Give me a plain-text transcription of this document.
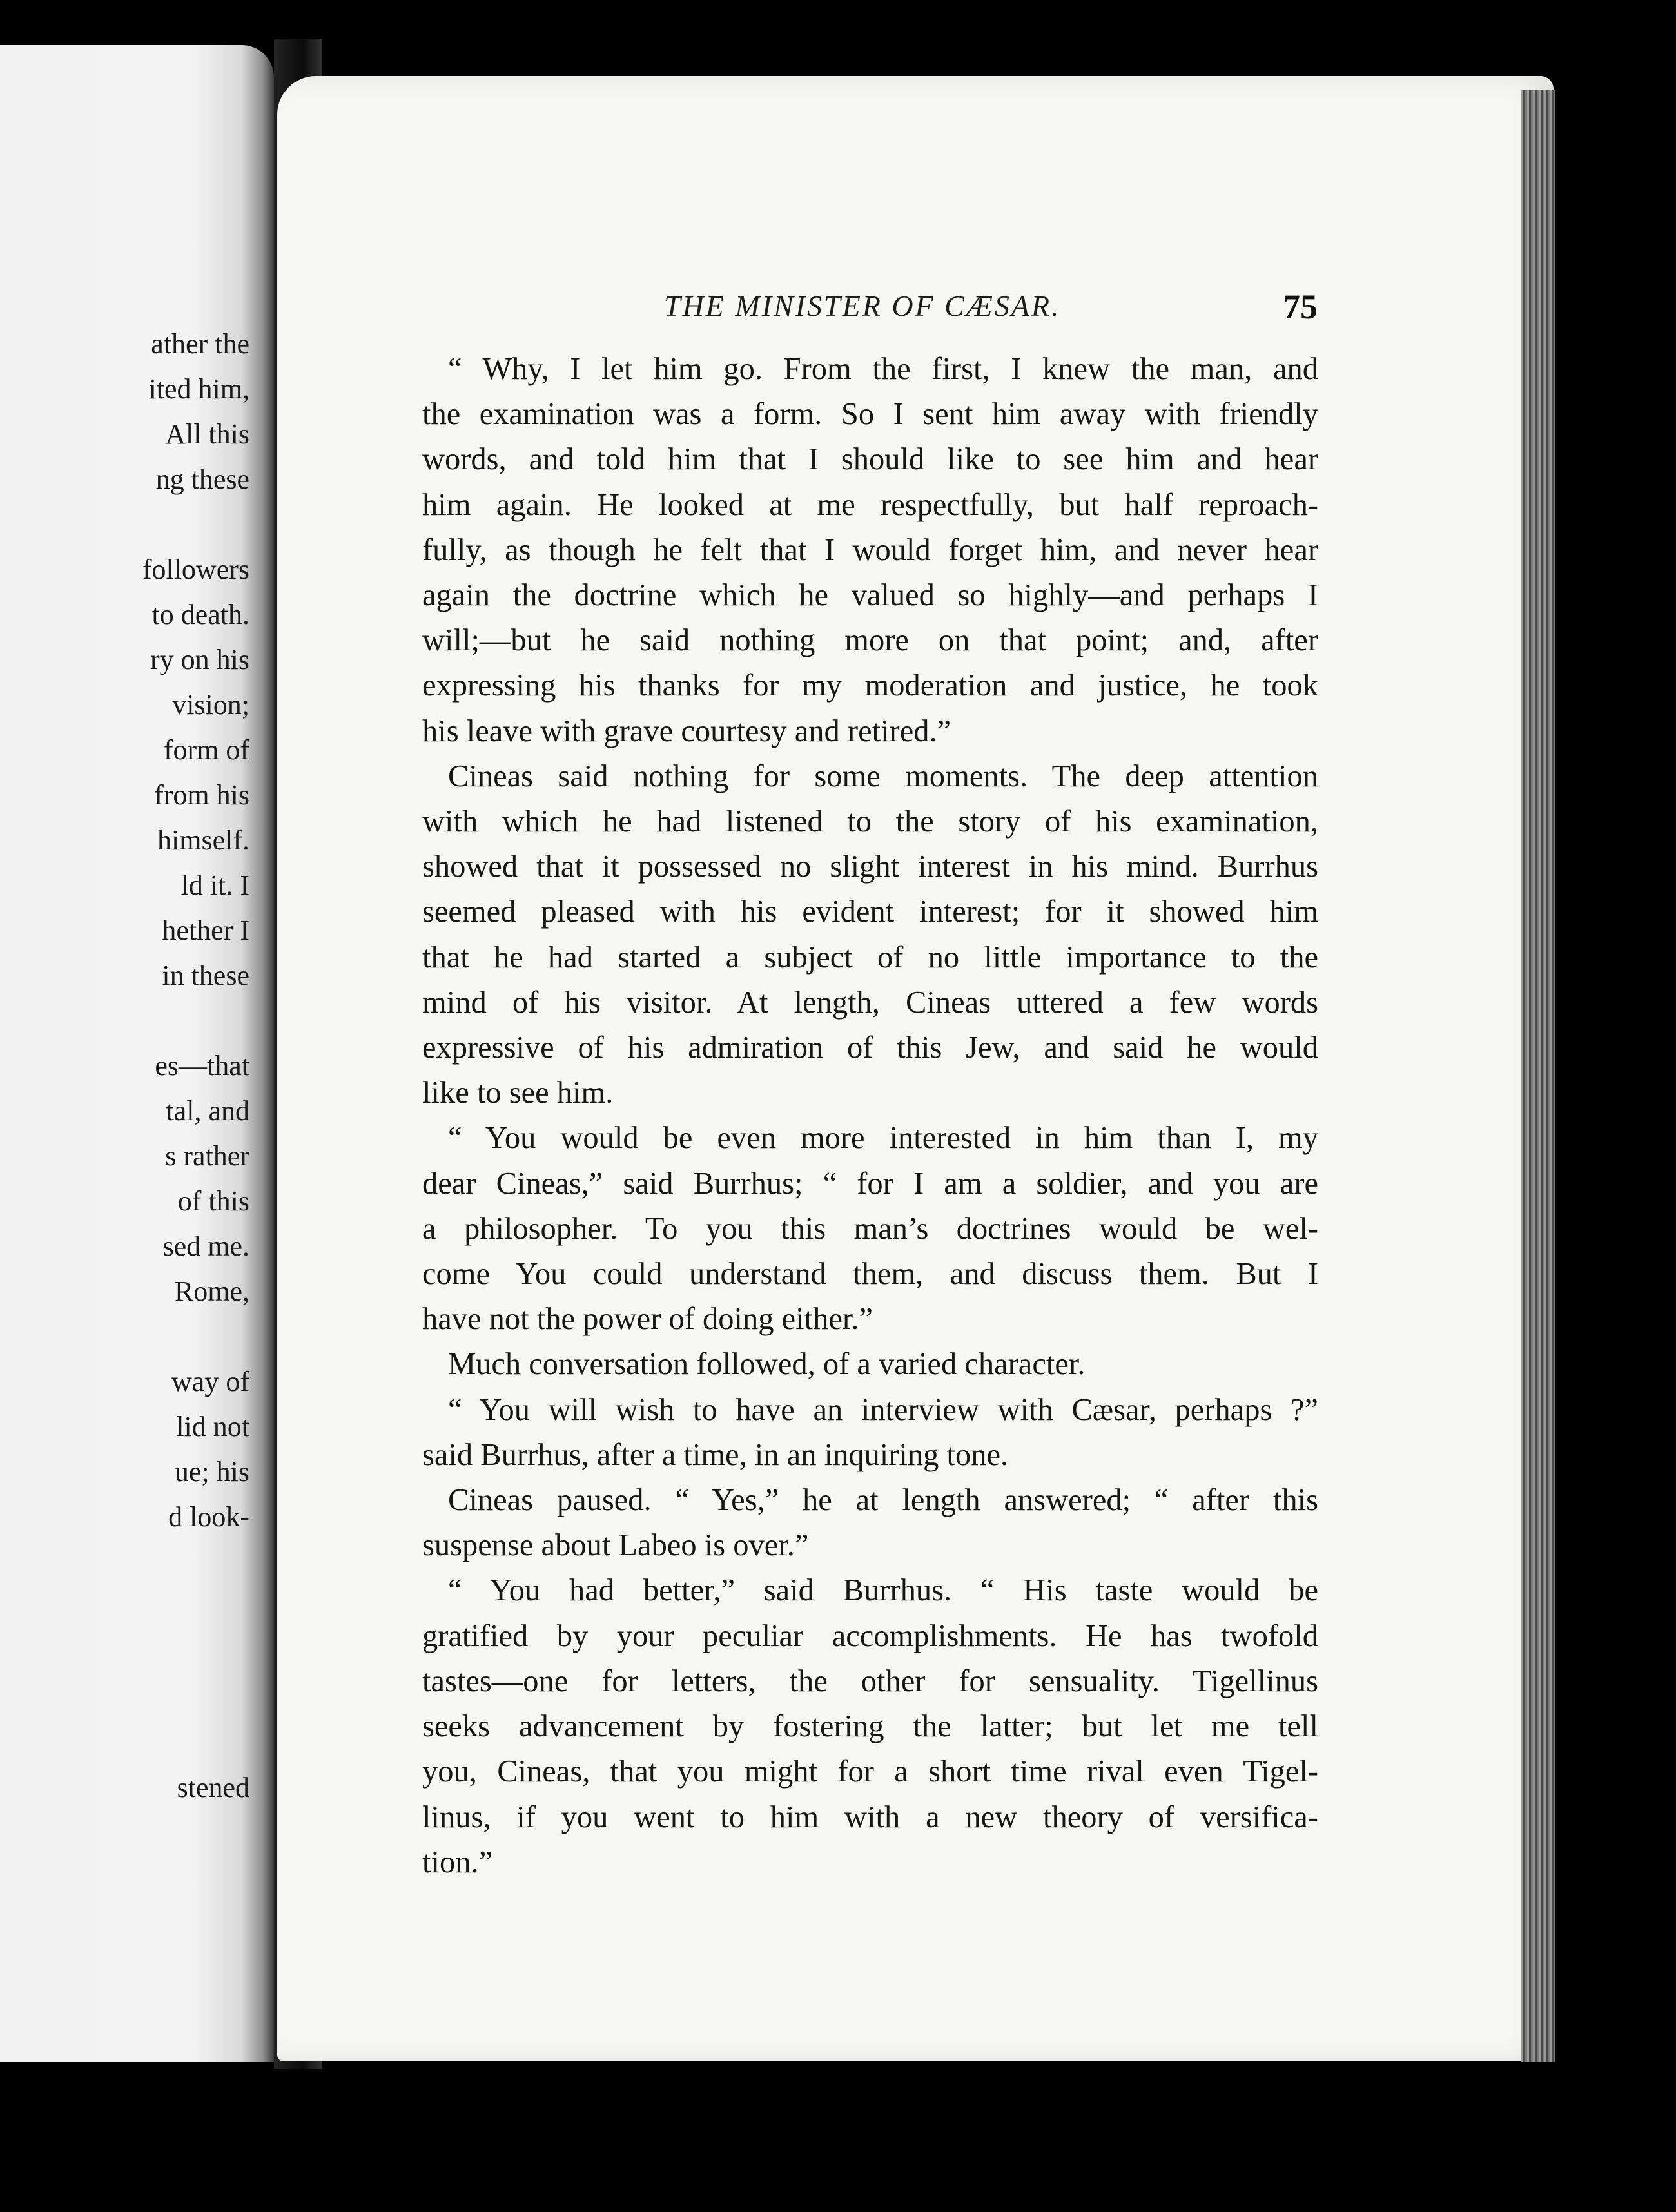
ather the
ited him,
All this
ng these
followers
to death.
ry on his
vision;
form of
from his
himself.
ld it. I
hether I
in these
es—that
tal, and
s rather
of this
sed me.
Rome,
way of
lid not
ue; his
d look-
stened
THE MINISTER OF CÆSAR.	75
“ Why, I let him go. From the first, I knew the man, and
the examination was a form. So I sent him away with friendly
words, and told him that I should like to see him and hear
him again. He looked at me respectfully, but half reproach-
fully, as though he felt that I would forget him, and never hear
again the doctrine which he valued so highly—and perhaps I
will;—but he said nothing more on that point; and, after
expressing his thanks for my moderation and justice, he took
his leave with grave courtesy and retired.”
Cineas said nothing for some moments. The deep attention
with which he had listened to the story of his examination,
showed that it possessed no slight interest in his mind. Burrhus
seemed pleased with his evident interest; for it showed him
that he had started a subject of no little importance to the
mind of his visitor. At length, Cineas uttered a few words
expressive of his admiration of this Jew, and said he would
like to see him.
“ You would be even more interested in him than I, my
dear Cineas,” said Burrhus; “ for I am a soldier, and you are
a philosopher. To you this man’s doctrines would be wel-
come You could understand them, and discuss them. But I
have not the power of doing either.”
Much conversation followed, of a varied character.
“ You will wish to have an interview with Cæsar, perhaps ?”
said Burrhus, after a time, in an inquiring tone.
Cineas paused. “ Yes,” he at length answered; “ after this
suspense about Labeo is over.”
“ You had better,” said Burrhus. “ His taste would be
gratified by your peculiar accomplishments. He has twofold
tastes—one for letters, the other for sensuality. Tigellinus
seeks advancement by fostering the latter; but let me tell
you, Cineas, that you might for a short time rival even Tigel-
linus, if you went to him with a new theory of versifica-
tion.”
